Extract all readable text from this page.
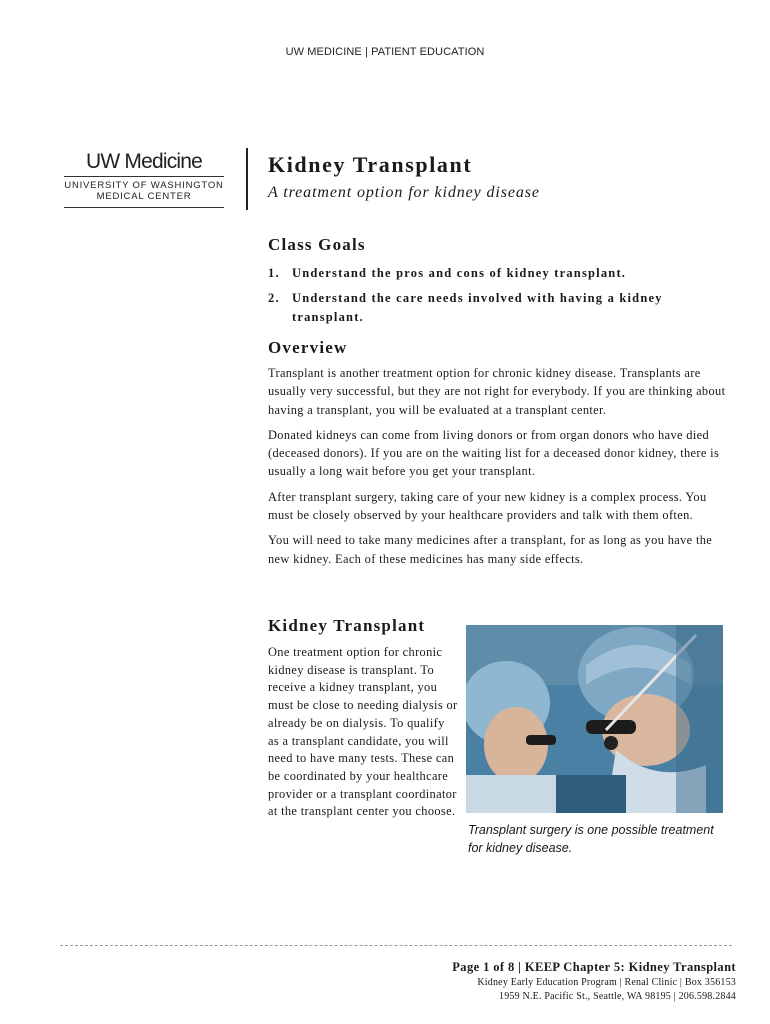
UW MEDICINE | PATIENT EDUCATION
UW Medicine
UNIVERSITY OF WASHINGTON
MEDICAL CENTER
Kidney Transplant
A treatment option for kidney disease
Class Goals
1. Understand the pros and cons of kidney transplant.
2. Understand the care needs involved with having a kidney transplant.
Overview

Transplant is another treatment option for chronic kidney disease. Transplants are usually very successful, but they are not right for everybody. If you are thinking about having a transplant, you will be evaluated at a transplant center.

Donated kidneys can come from living donors or from organ donors who have died (deceased donors). If you are on the waiting list for a deceased donor kidney, there is usually a long wait before you get your transplant.

After transplant surgery, taking care of your new kidney is a complex process. You must be closely observed by your healthcare providers and talk with them often.

You will need to take many medicines after a transplant, for as long as you have the new kidney. Each of these medicines has many side effects.

Kidney Transplant

One treatment option for chronic kidney disease is transplant. To receive a kidney transplant, you must be close to needing dialysis or already be on dialysis. To qualify as a transplant candidate, you will need to have many tests. These can be coordinated by your healthcare provider or a transplant coordinator at the transplant center you choose.

Transplant surgery is one possible treatment for kidney disease.

Page 1 of 8 | KEEP Chapter 5: Kidney Transplant
Kidney Early Education Program | Renal Clinic | Box 356153
1959 N.E. Pacific St., Seattle, WA 98195 | 206.598.2844
